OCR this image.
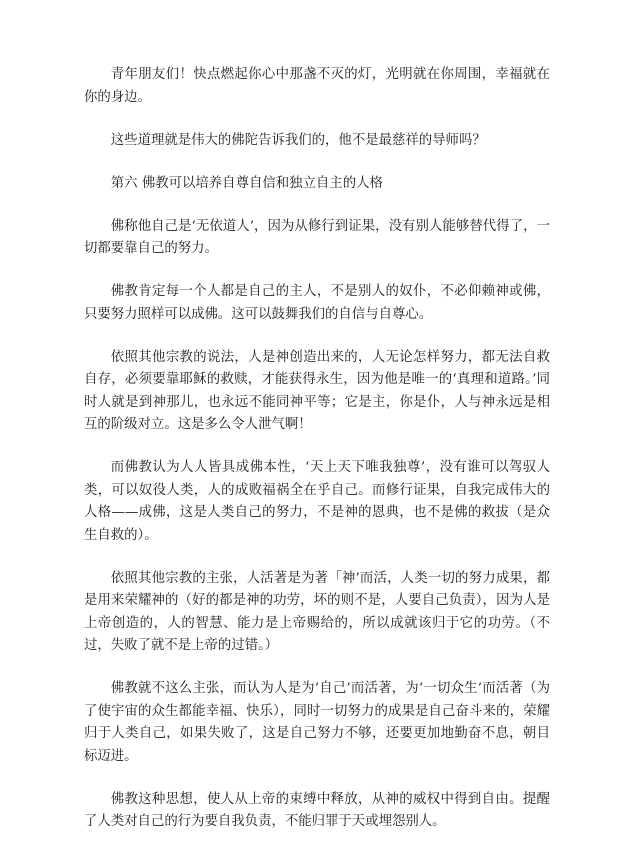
青年朋友们！快点燃起你心中那盏不灭的灯，光明就在你周围，幸福就在你的身边。

这些道理就是伟大的佛陀告诉我们的，他不是最慈祥的导师吗？

第六 佛教可以培养自尊自信和独立自主的人格

佛称他自己是‘无依道人’，因为从修行到证果，没有别人能够替代得了，一切都要靠自己的努力。

佛教肯定每一个人都是自己的主人，不是别人的奴仆，不必仰赖神或佛，只要努力照样可以成佛。这可以鼓舞我们的自信与自尊心。

依照其他宗教的说法，人是神创造出来的，人无论怎样努力，都无法自救自存，必须要靠耶稣的救赎，才能获得永生，因为他是唯一的‘真理和道路。’同时人就是到神那儿，也永远不能同神平等；它是主，你是仆，人与神永远是相互的阶级对立。这是多么令人泄气啊！

而佛教认为人人皆具成佛本性，‘天上天下唯我独尊’，没有谁可以驾驭人类，可以奴役人类，人的成败福祸全在乎自己。而修行证果，自我完成伟大的人格——成佛，这是人类自己的努力，不是神的恩典，也不是佛的救拔（是众生自救的）。

依照其他宗教的主张，人活著是为著「神’而活，人类一切的努力成果，都是用来荣耀神的（好的都是神的功劳，坏的则不是，人要自己负责），因为人是上帝创造的，人的智慧、能力是上帝赐给的，所以成就该归于它的功劳。（不过，失败了就不是上帝的过错。）

佛教就不这么主张，而认为人是为‘自己’而活著，为‘一切众生’而活著（为了使宇宙的众生都能幸福、快乐），同时一切努力的成果是自己奋斗来的，荣耀归于人类自己，如果失败了，这是自己努力不够，还要更加地勤奋不息，朝目标迈进。

佛教这种思想，使人从上帝的束缚中释放，从神的威权中得到自由。提醒了人类对自己的行为要自我负责，不能归罪于天或埋怨别人。
